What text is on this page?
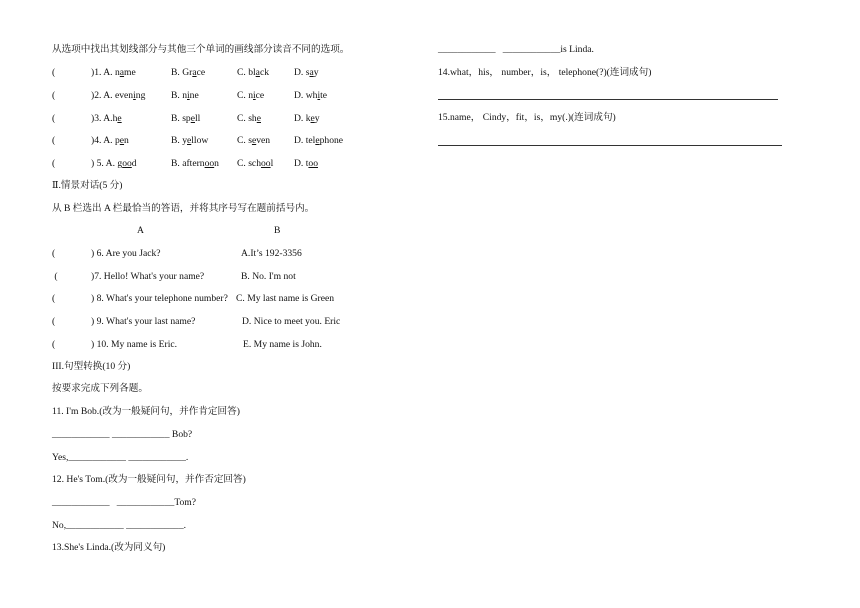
从选项中找出其划线部分与其他三个单词的画线部分读音不同的选项。
(	)1. A. name	B. Grace	C. black	D. say
(	)2. A. evening	B. nine	C. nice	D. white
(	)3. A.he	B. spell	C. she	D. key
(	)4. A. pen	B. yellow	C. seven D. telephone
(	) 5. A. good	B. afternoon C. school D. too
Ⅱ.情景对话(5 分)
从 B 栏选出 A 栏最恰当的答语，并将其序号写在题前括号内。
A	B
(	) 6. Are you Jack?	A.It’s 192-3356
(	)7. Hello! What's your name?	B. No. I'm not
(	) 8. What's your telephone number? C. My last name is Green
(	) 9. What's your last name?	D. Nice to meet you. Eric
(	) 10. My name is Eric.	E. My name is John.
III.句型转换(10 分)
按要求完成下列各题。
11. I'm Bob.(改为一般疑问句，并作肯定回答)
____________ ____________ Bob?
Yes,____________ ____________.
12. He's Tom.(改为一般疑问句，并作否定回答)
____________   ____________Tom?
No,____________ ____________.
13.She's Linda.(改为同义句)
____________   ____________is Linda.
14.what，his， number，is， telephone(?)(连词成句)
15.name， Cindy，fit，is，my(.)(连词成句)
